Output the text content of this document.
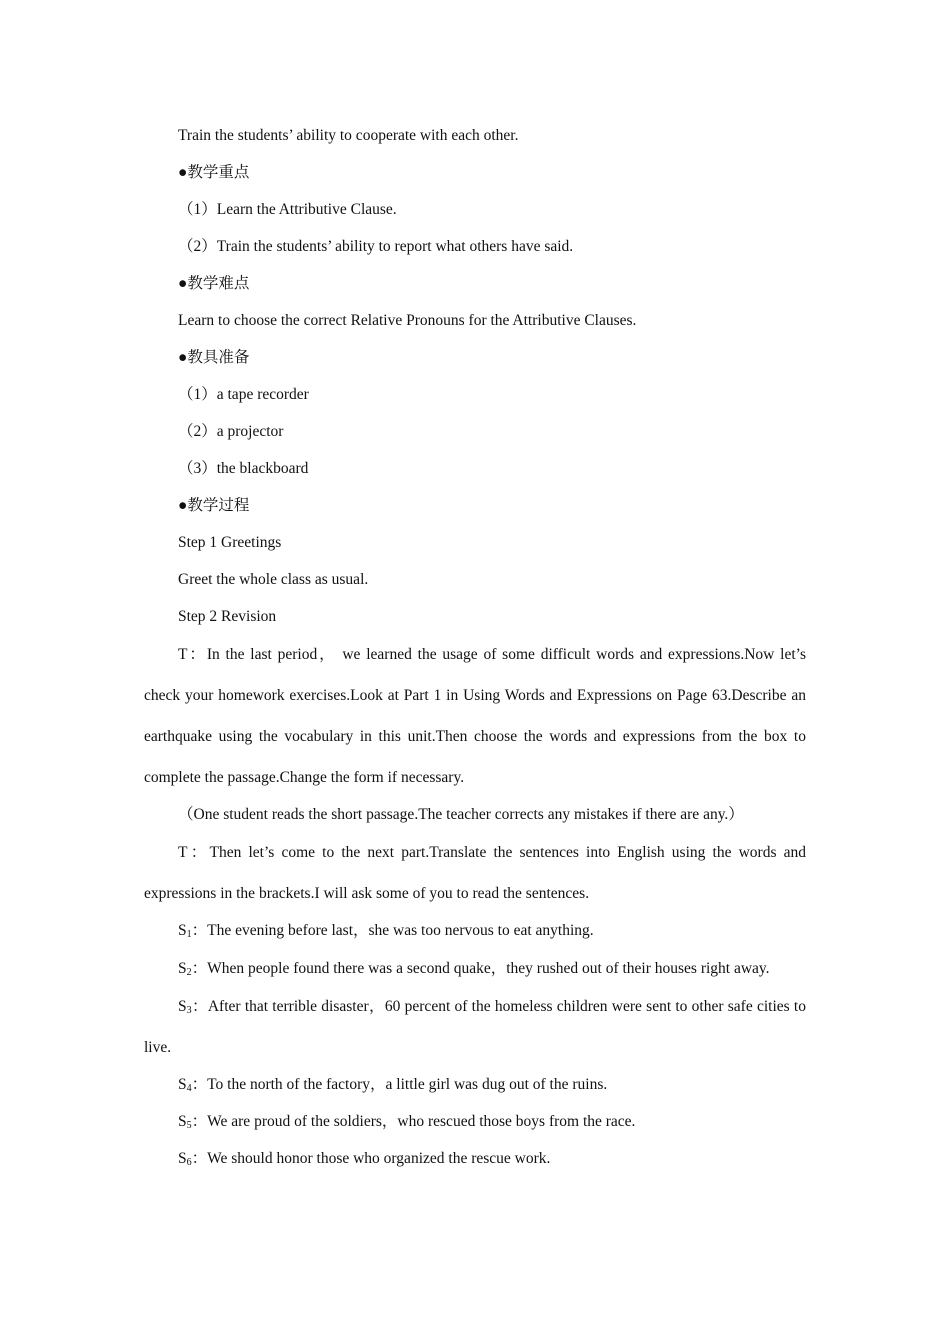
Train the students’ ability to cooperate with each other.
●教学重点
（1）Learn the Attributive Clause.
（2）Train the students’ ability to report what others have said.
●教学难点
Learn to choose the correct Relative Pronouns for the Attributive Clauses.
●教具准备
（1）a tape recorder
（2）a projector
（3）the blackboard
●教学过程
Step 1 Greetings
Greet the whole class as usual.
Step 2 Revision
T：In the last period， we learned the usage of some difficult words and expressions.Now let’s check your homework exercises.Look at Part 1 in Using Words and Expressions on Page 63.Describe an earthquake using the vocabulary in this unit.Then choose the words and expressions from the box to complete the passage.Change the form if necessary.
（One student reads the short passage.The teacher corrects any mistakes if there are any.）
T：Then let’s come to the next part.Translate the sentences into English using the words and expressions in the brackets.I will ask some of you to read the sentences.
$S_1$：The evening before last，she was too nervous to eat anything.
$S_2$：When people found there was a second quake，they rushed out of their houses right away.
$S_3$：After that terrible disaster，60 percent of the homeless children were sent to other safe cities to live.
$S_4$：To the north of the factory，a little girl was dug out of the ruins.
$S_5$：We are proud of the soldiers，who rescued those boys from the race.
$S_6$：We should honor those who organized the rescue work.
